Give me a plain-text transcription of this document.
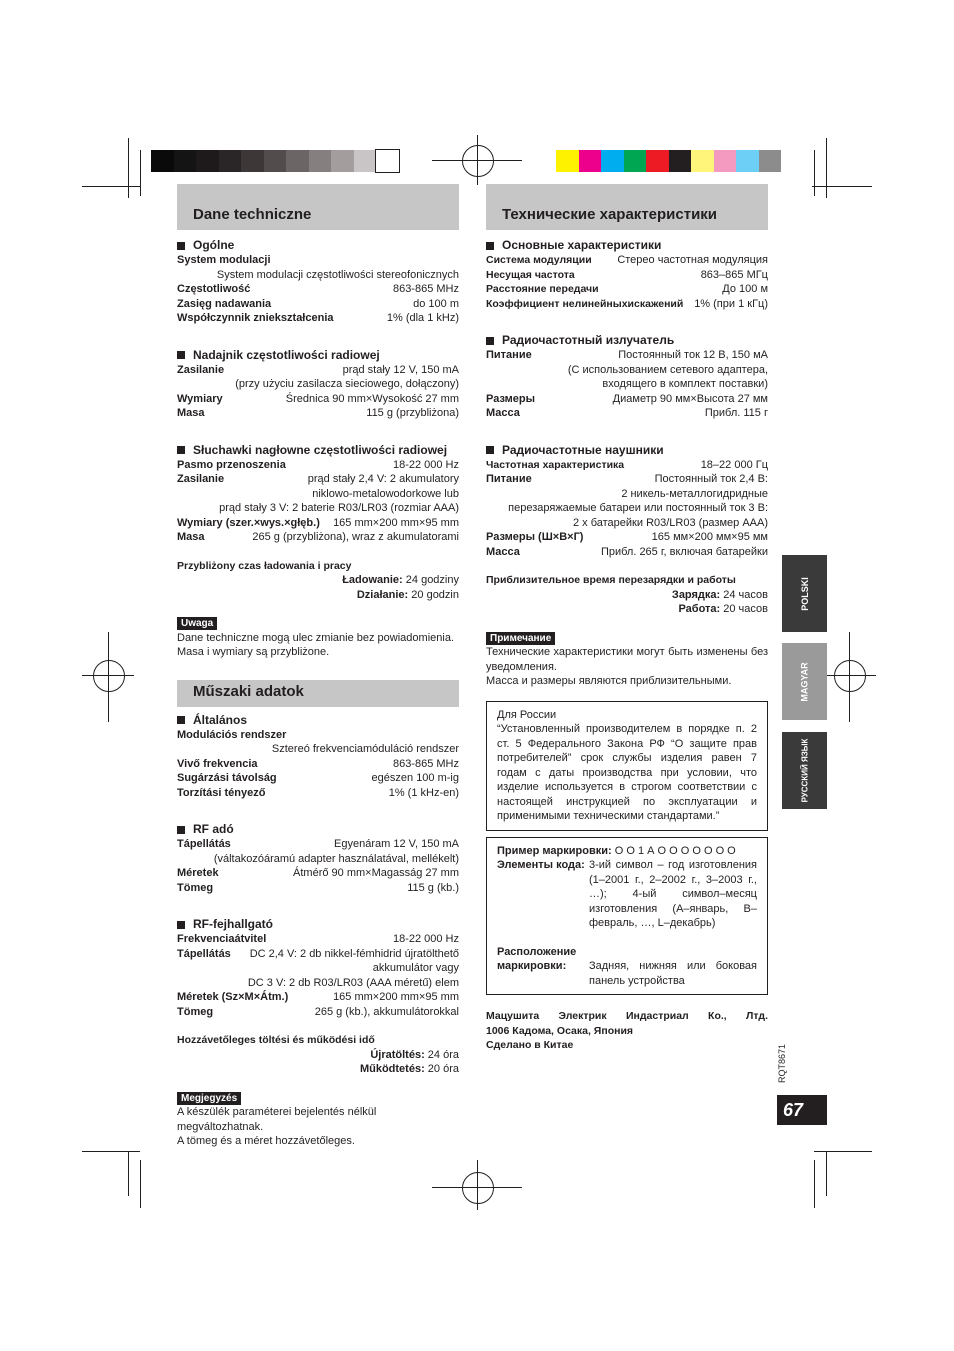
Dane techniczne
Ogólne
System modulacji
System modulacji częstotliwości stereofonicznych
Częstotliwość	863-865 MHz
Zasięg nadawania	do 100 m
Współczynnik zniekształcenia	1% (dla 1 kHz)
Nadajnik częstotliwości radiowej
Zasilanie	prąd stały 12 V, 150 mA
(przy użyciu zasilacza sieciowego, dołączony)
Wymiary	Średnica 90 mm×Wysokość 27 mm
Masa	115 g (przybliżona)
Słuchawki nagłowne częstotliwości radiowej
Pasmo przenoszenia	18-22 000 Hz
Zasilanie	prąd stały 2,4 V: 2 akumulatory
niklowo-metalowodorkowe lub
prąd stały 3 V: 2 baterie R03/LR03 (rozmiar AAA)
Wymiary (szer.×wys.×głęb.) 165 mm×200 mm×95 mm
Masa	265 g (przybliżona), wraz z akumulatorami
Przybliżony czas ładowania i pracy
Ładowanie: 24 godziny
Działanie: 20 godzin
Uwaga
Dane techniczne mogą ulec zmianie bez powiadomienia.
Masa i wymiary są przybliżone.
Műszaki adatok
Általános
Modulációs rendszer
Sztereó frekvenciamóduláció rendszer
Vivő frekvencia	863-865 MHz
Sugárzási távolság	egészen 100 m-ig
Torzítási tényező	1% (1 kHz-en)
RF adó
Tápellátás	Egyenáram 12 V, 150 mA
(váltakozóáramú adapter használatával, mellékelt)
Méretek	Átmérő 90 mm×Magasság 27 mm
Tömeg	115 g (kb.)
RF-fejhallgató
Frekvenciaátvitel	18-22 000 Hz
Tápellátás DC 2,4 V: 2 db nikkel-fémhidrid újratölthető
akkumulátor vagy
DC 3 V: 2 db R03/LR03 (AAA méretű) elem
Méretek (Sz×M×Átm.)	165 mm×200 mm×95 mm
Tömeg	265 g (kb.), akkumulátorokkal
Hozzávetőleges töltési és működési idő
Újratöltés: 24 óra
Működtetés: 20 óra
Megjegyzés
A készülék paraméterei bejelentés nélkül megváltozhatnak.
A tömeg és a méret hozzávetőleges.
Технические характеристики
Основные характеристики
Система модуляции Стерео частотная модуляция
Несущая частота	863–865 МГц
Расстояние передачи	До 100 м
Коэффициент нелинейныхискажений 1% (при 1 кГц)
Радиочастотный излучатель
Питание	Постоянный ток 12 В, 150 мА
(С использованием сетевого адаптера,
входящего в комплект поставки)
Размеры	Диаметр 90 мм×Высота 27 мм
Масса	Прибл. 115 г
Радиочастотные наушники
Частотная характеристика	18–22 000 Гц
Питание	Постоянный ток 2,4 В:
2 никель-металлогидридные
перезаряжаемые батареи или постоянный ток 3 В:
2 х батарейки R03/LR03 (размер ААА)
Размеры (Ш×В×Г)	165 мм×200 мм×95 мм
Масса	Прибл. 265 г, включая батарейки
Приблизительное время перезарядки и работы
Зарядка: 24 часов
Работа: 20 часов
Примечание
Технические характеристики могут быть изменены без уведомления.
Масса и размеры являются приблизительными.
Для России
“Установленный производителем в порядке п. 2 ст. 5 Федерального Закона РФ “О защите прав потребителей” срок службы изделия равен 7 годам с даты производства при условии, что изделие используется в строгом соответствии с настоящей инструкцией по эксплуатации и применимыми техническими стандартами.”
Пример маркировки: О О 1 А О О О О О О О
Элементы кода: 3-ий символ – год изготовления (1–2001 г., 2–2002 г., 3–2003 г., …); 4-ый символ–месяц изготовления (А–январь, В–февраль, …, L–декабрь)
Расположение
маркировки:	Задняя, нижняя или боковая панель устройства
Мацушита Электрик Индастриал Ко., Лтд.
1006 Кадома, Осака, Япония
Сделано в Китае
POLSKI
MAGYAR
РУССКИЙ ЯЗЫК
RQT8671
67
